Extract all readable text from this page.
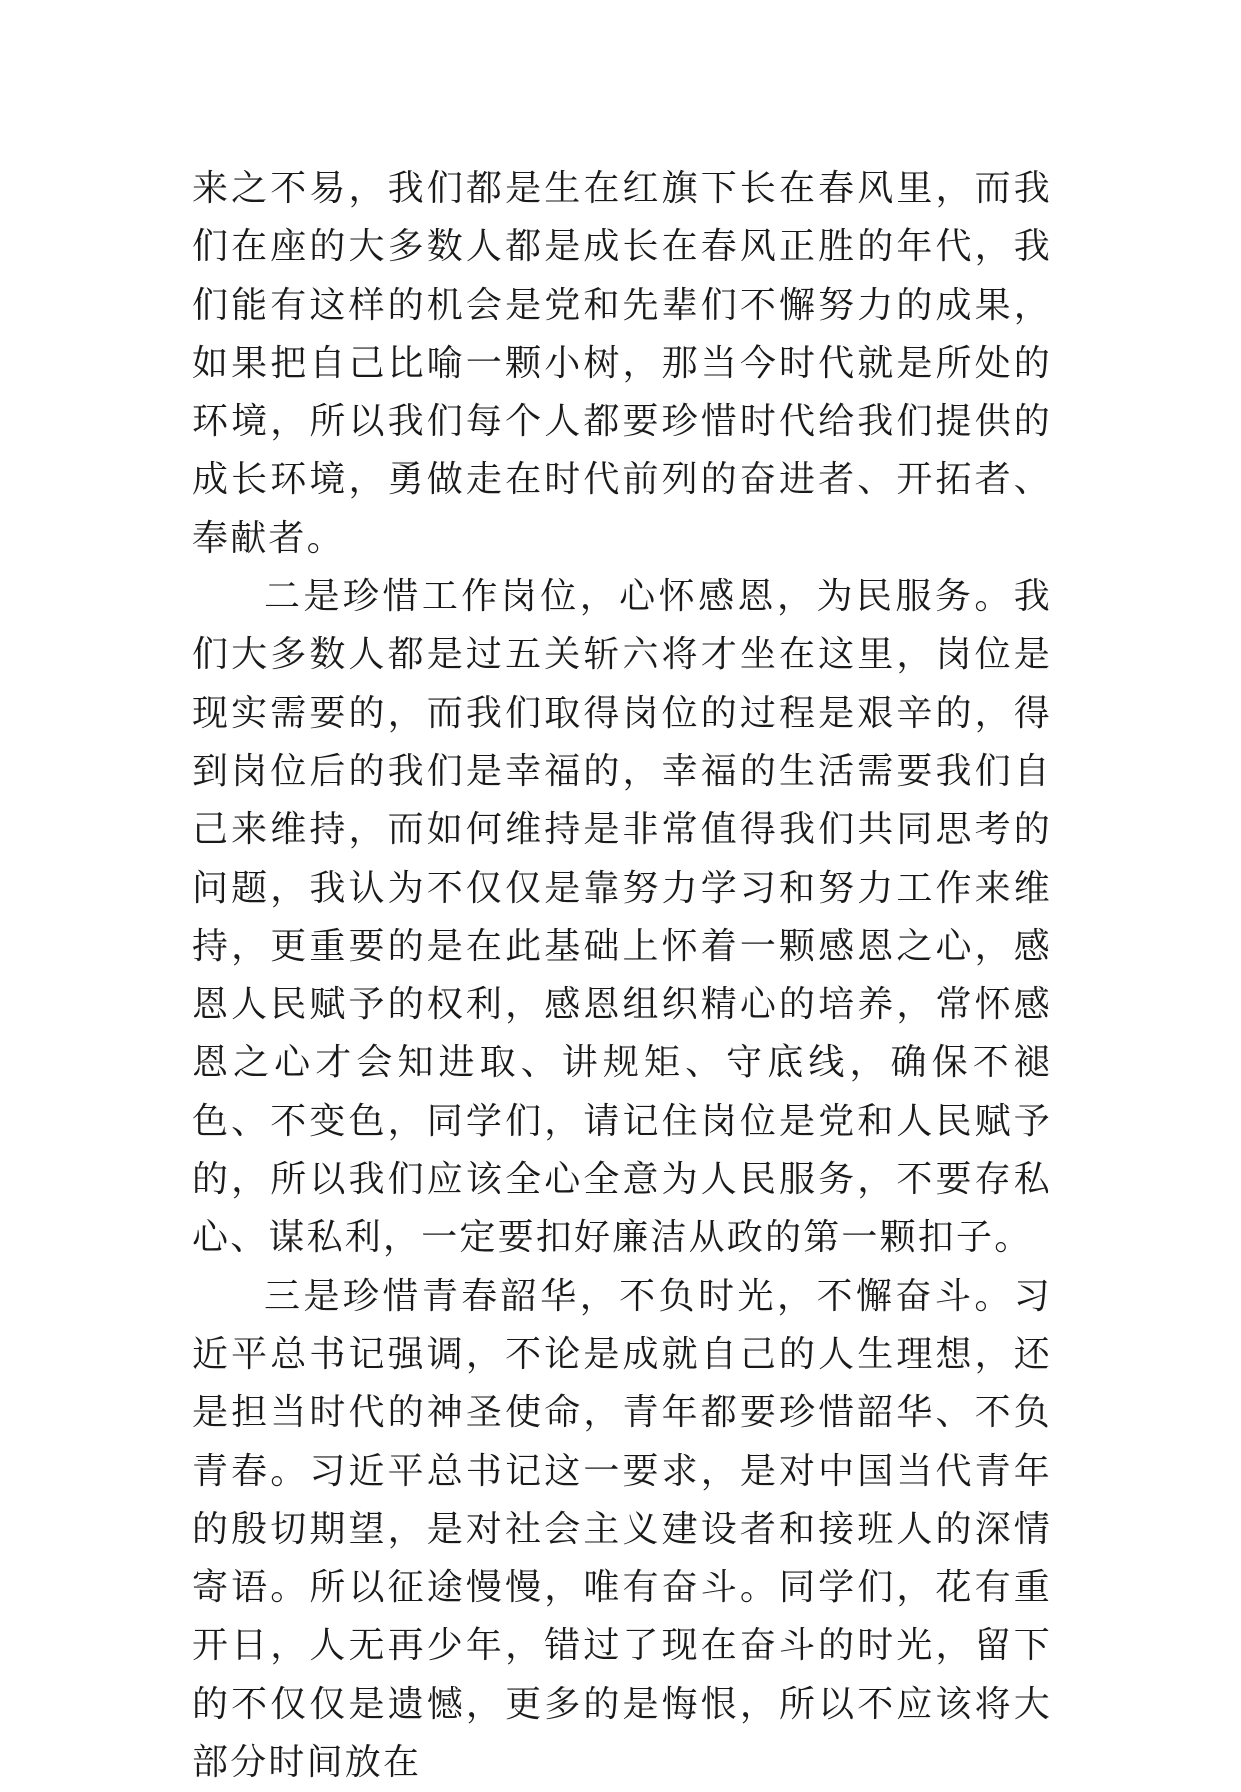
来之不易，我们都是生在红旗下长在春风里，而我们在座的大多数人都是成长在春风正胜的年代，我们能有这样的机会是党和先辈们不懈努力的成果，如果把自己比喻一颗小树，那当今时代就是所处的环境，所以我们每个人都要珍惜时代给我们提供的成长环境，勇做走在时代前列的奋进者、开拓者、奉献者。

二是珍惜工作岗位，心怀感恩，为民服务。我们大多数人都是过五关斩六将才坐在这里，岗位是现实需要的，而我们取得岗位的过程是艰辛的，得到岗位后的我们是幸福的，幸福的生活需要我们自己来维持，而如何维持是非常值得我们共同思考的问题，我认为不仅仅是靠努力学习和努力工作来维持，更重要的是在此基础上怀着一颗感恩之心，感恩人民赋予的权利，感恩组织精心的培养，常怀感恩之心才会知进取、讲规矩、守底线，确保不褪色、不变色，同学们，请记住岗位是党和人民赋予的，所以我们应该全心全意为人民服务，不要存私心、谋私利，一定要扣好廉洁从政的第一颗扣子。

三是珍惜青春韶华，不负时光，不懈奋斗。习近平总书记强调，不论是成就自己的人生理想，还是担当时代的神圣使命，青年都要珍惜韶华、不负青春。习近平总书记这一要求，是对中国当代青年的殷切期望，是对社会主义建设者和接班人的深情寄语。所以征途慢慢，唯有奋斗。同学们，花有重开日，人无再少年，错过了现在奋斗的时光，留下的不仅仅是遗憾，更多的是悔恨，所以不应该将大部分时间放在
